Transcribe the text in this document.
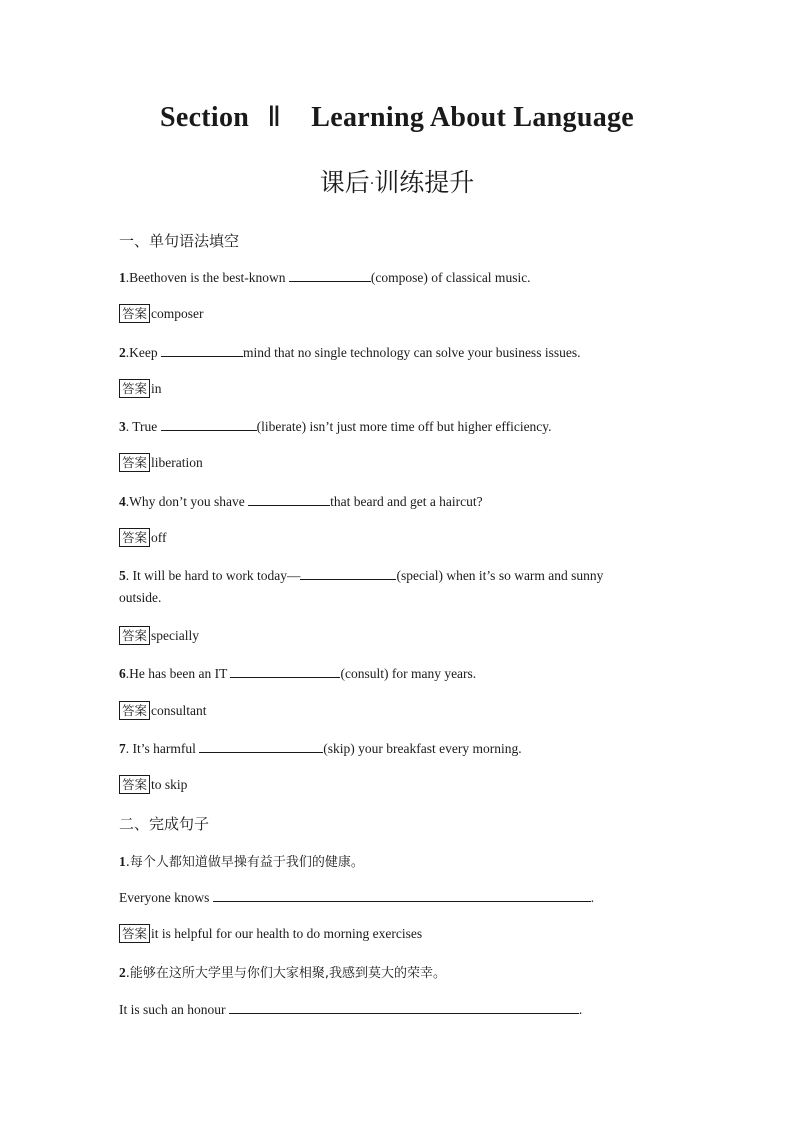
Section Ⅱ Learning About Language
课后·训练提升
一、单句语法填空
1.Beethoven is the best-known	(compose) of classical music.
答案 composer
2.Keep	mind that no single technology can solve your business issues.
答案 in
3. True	(liberate) isn’t just more time off but higher efficiency.
答案 liberation
4.Why don’t you shave	that beard and get a haircut?
答案 off
5. It will be hard to work today—	(special) when it’s so warm and sunny
outside.
答案 specially
6.He has been an IT	(consult) for many years.
答案 consultant
7. It’s harmful	(skip) your breakfast every morning.
答案 to skip
二、完成句子
1.每个人都知道做早操有益于我们的健康。
Everyone knows	.
答案 it is helpful for our health to do morning exercises
2.能够在这所大学里与你们大家相聚,我感到莫大的荣幸。
It is such an honour	.
